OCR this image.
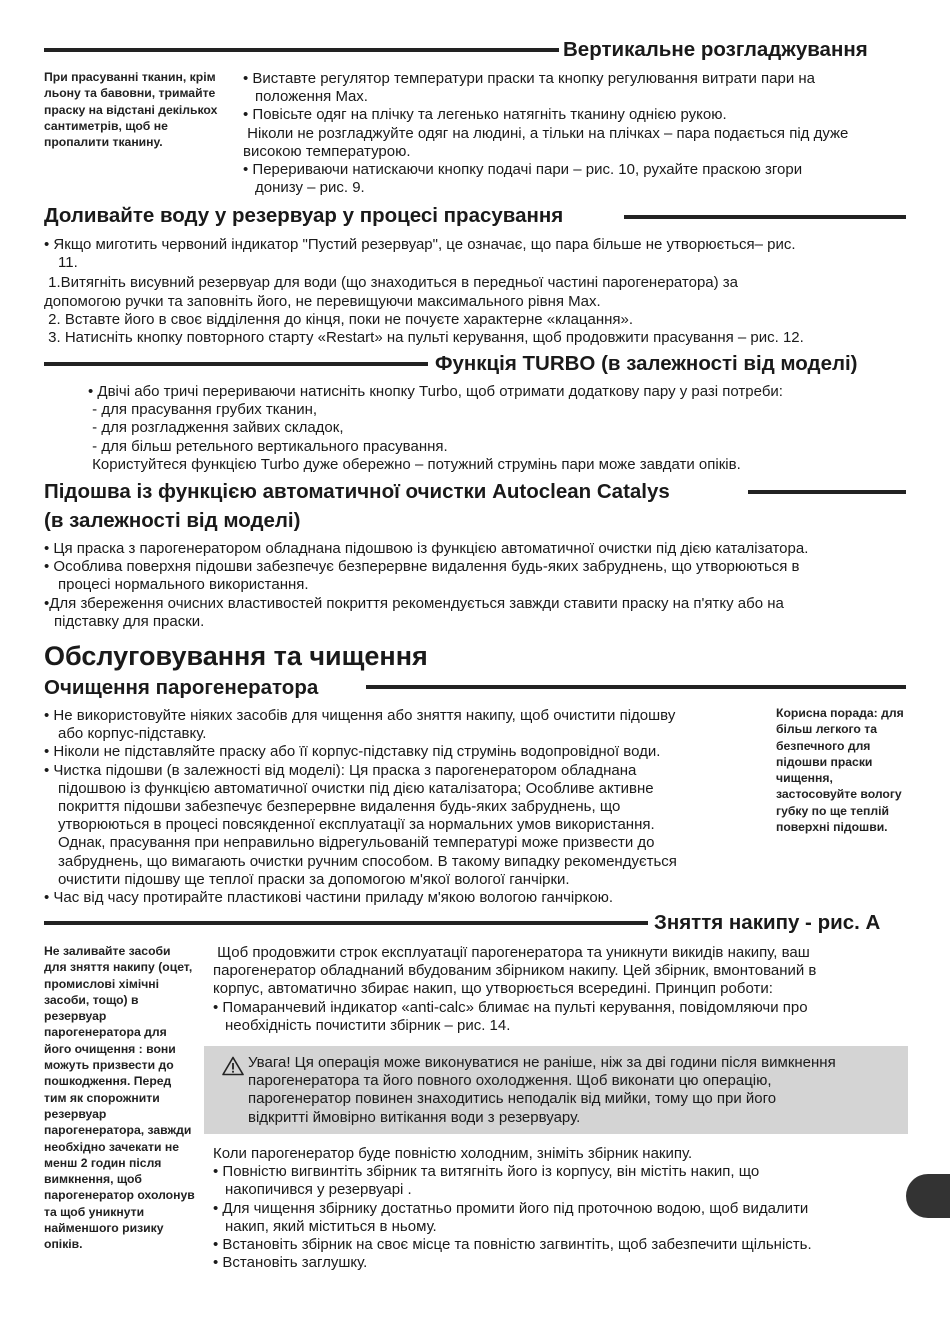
Вертикальне розгладжування
При прасуванні тканин, крім льону та бавовни, тримайте праску на відстані декількох сантиметрів, щоб не пропалити тканину.

• Виставте регулятор температури праски та кнопку регулювання витрати пари на

положення Max.

• Повісьте одяг на плічку та легенько натягніть тканину однією рукою.

Ніколи не розгладжуйте одяг на людині, а тільки на плічках – пара подається під дуже

високою температурою.

• Перериваючи натискаючи кнопку подачі пари – рис. 10, рухайте праскою згори

донизу – рис. 9.

Доливайте воду у резервуар у процесі прасування

• Якщо миготить червоний індикатор "Пустий резервуар", це означає, що пара більше не утворюється– рис.

11.

1.Витягніть висувний резервуар для води (що знаходиться в передньої частині парогенератора) за

допомогою ручки та заповніть його, не перевищуючи максимального рівня Max.

2. Вставте його в своє відділення до кінця, поки не почуєте характерне «клацання».

3. Натисніть кнопку повторного старту «Restart» на пульті керування, щоб продовжити прасування – рис. 12.

Функція TURBO (в залежності від моделі)

• Двічі або тричі перериваючи натисніть кнопку Turbo, щоб отримати додаткову пару у разі потреби:

- для прасування грубих тканин,

- для розгладження зайвих складок,

- для більш ретельного вертикального прасування.

Користуйтеся функцією Turbo дуже обережно – потужний струмінь пари може завдати опіків.

Підошва із функцією автоматичної очистки Autoclean Catalys
(в залежності від моделі)

• Ця праска з парогенератором обладнана підошвою із функцією автоматичної очистки під дією каталізатора.

• Особлива поверхня підошви забезпечує безперервне видалення будь-яких забруднень, що утворюються в

процесі нормального використання.

•Для збереження очисних властивостей покриття рекомендується завжди ставити праску на п'ятку або на

підставку для праски.

Обслуговування та чищення
Очищення парогенератора

• Не використовуйте ніяких засобів для чищення або зняття накипу, щоб очистити підошву

або корпус-підставку.

• Ніколи не підставляйте праску або її корпус-підставку під струмінь водопровідної води.

• Чистка підошви (в залежності від моделі): Ця праска з парогенератором обладнана

підошвою із функцією автоматичної очистки під дією каталізатора; Особливе активне

покриття підошви забезпечує безперервне видалення будь-яких забруднень, що

утворюються в процесі повсякденної експлуатації за нормальних умов використання.

Однак, прасування при неправильно відрегульованій температурі може призвести до

забруднень, що вимагають очистки ручним способом. В такому випадку рекомендується

очистити підошву ще теплої праски за допомогою м'якої вологої ганчірки.

• Час від часу протирайте пластикові частини приладу м'якою вологою ганчіркою.

Корисна порада: для більш легкого та безпечного для підошви праски чищення, застосовуйте вологу губку по ще теплій поверхні підошви.
Зняття накипу - рис. A
Не заливайте засоби для зняття накипу (оцет, промислові хімічні засоби, тощо) в резервуар парогенератора для його очищення : вони можуть призвести до пошкодження. Перед тим як спорожнити резервуар парогенератора, завжди необхідно зачекати не менш 2 годин після вимкнення, щоб парогенератор охолонув та щоб уникнути найменшого ризику опіків.

Щоб продовжити строк експлуатації парогенератора та уникнути викидів накипу, ваш

парогенератор обладнаний вбудованим збірником накипу. Цей збірник, вмонтований в

корпус, автоматично збирає накип, що утворюється всередині. Принцип роботи:

• Помаранчевий індикатор «anti-calc» блимає на пульті керування, повідомляючи про

необхідність почистити збірник – рис. 14.

Увага! Ця операція може виконуватися не раніше, ніж за дві години після вимкнення

парогенератора та його повного охолодження. Щоб виконати цю операцію,

парогенератор повинен знаходитись неподалік від мийки, тому що при його

відкритті ймовірно витікання води з резервуару.

Коли парогенератор буде повністю холодним, зніміть збірник накипу.

• Повністю вигвинтіть збірник та витягніть його із корпусу, він містіть накип, що

накопичився у резервуарі .

• Для чищення збірнику достатньо промити його під проточною водою, щоб видалити

накип, який міститься в ньому.

• Встановіть збірник на своє місце та повністю загвинтіть, щоб забезпечити щільність.

• Встановіть заглушку.
